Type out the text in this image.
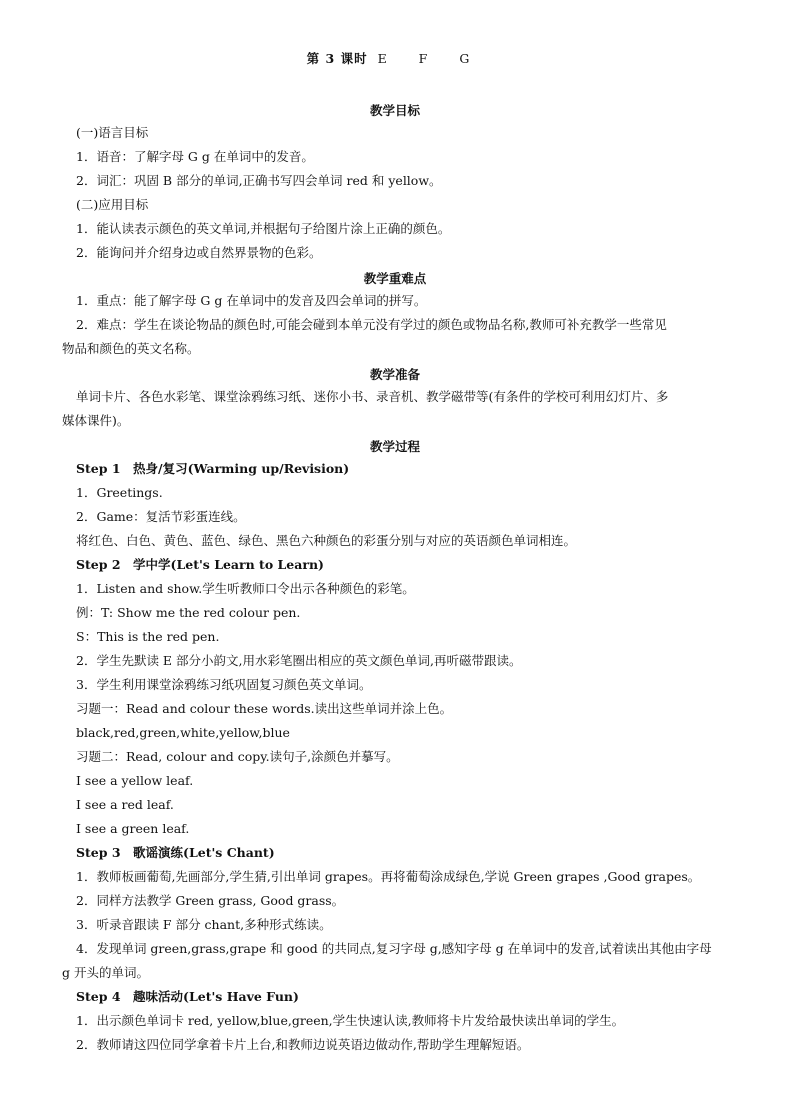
第 3 课时 E F G
教学目标
(一)语言目标
1．语音：了解字母 G g 在单词中的发音。
2．词汇：巩固 B 部分的单词,正确书写四会单词 red 和 yellow。
(二)应用目标
1．能认读表示颜色的英文单词,并根据句子给图片涂上正确的颜色。
2．能询问并介绍身边或自然界景物的色彩。
教学重难点
1．重点：能了解字母 G g 在单词中的发音及四会单词的拼写。
2．难点：学生在谈论物品的颜色时,可能会碰到本单元没有学过的颜色或物品名称,教师可补充教学一些常见
物品和颜色的英文名称。
教学准备
单词卡片、各色水彩笔、课堂涂鸦练习纸、迷你小书、录音机、教学磁带等(有条件的学校可利用幻灯片、多
媒体课件)。
教学过程
Step 1　热身/复习(Warming up/Revision)
1．Greetings.
2．Game：复活节彩蛋连线。
将红色、白色、黄色、蓝色、绿色、黑色六种颜色的彩蛋分别与对应的英语颜色单词相连。
Step 2　学中学(Let's Learn to Learn)
1．Listen and show.学生听教师口令出示各种颜色的彩笔。
例：T: Show me the red colour pen.
S：This is the red pen.
2．学生先默读 E 部分小韵文,用水彩笔圈出相应的英文颜色单词,再听磁带跟读。
3．学生利用课堂涂鸦练习纸巩固复习颜色英文单词。
习题一：Read and colour these words.读出这些单词并涂上色。
black,red,green,white,yellow,blue
习题二：Read, colour and copy.读句子,涂颜色并摹写。
I see a yellow leaf.
I see a red leaf.
I see a green leaf.
Step 3　歌谣演练(Let's Chant)
1．教师板画葡萄,先画部分,学生猜,引出单词 grapes。再将葡萄涂成绿色,学说 Green grapes ,Good grapes。
2．同样方法教学 Green grass, Good grass。
3．听录音跟读 F 部分 chant,多种形式练读。
4．发现单词 green,grass,grape 和 good 的共同点,复习字母 g,感知字母 g 在单词中的发音,试着读出其他由字母
g 开头的单词。
Step 4　趣味活动(Let's Have Fun)
1．出示颜色单词卡 red, yellow,blue,green,学生快速认读,教师将卡片发给最快读出单词的学生。
2．教师请这四位同学拿着卡片上台,和教师边说英语边做动作,帮助学生理解短语。
